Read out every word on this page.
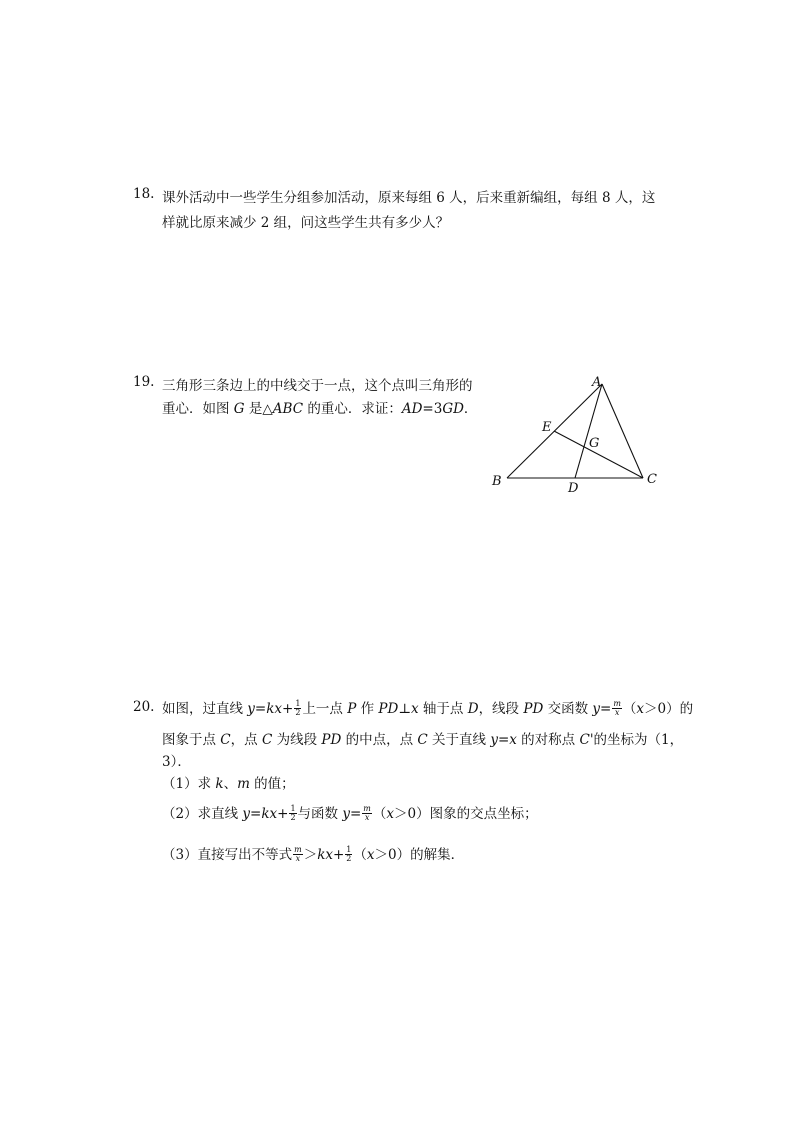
18. 课外活动中一些学生分组参加活动，原来每组 6 人，后来重新编组，每组 8 人，这
样就比原来减少 2 组，问这些学生共有多少人？
19. 三角形三条边上的中线交于一点，这个点叫三角形的
重心．如图 G 是△ABC 的重心．求证：AD=3GD．
A
B	C
D
E
G
20. 如图，过直线 $y=kx+ \frac{1}{2}$ 上一点 P 作 PD⊥x 轴于点 D，线段 PD 交函数 $y= \frac{m}{x} (x>0)$的
图象于点 C，点 C 为线段 PD 的中点，点 C 关于直线 y=x 的对称点 C'的坐标为（1，
3）．
（1）求 k、m 的值；
（2）求直线 $y=kx+ \frac{1}{2}$ 与函数 $y= \frac{m}{x} (x>0)$图象的交点坐标；
（3）直接写出不等式 $\frac{m}{x} >kx+ \frac{1}{2} (x>0)$的解集．
